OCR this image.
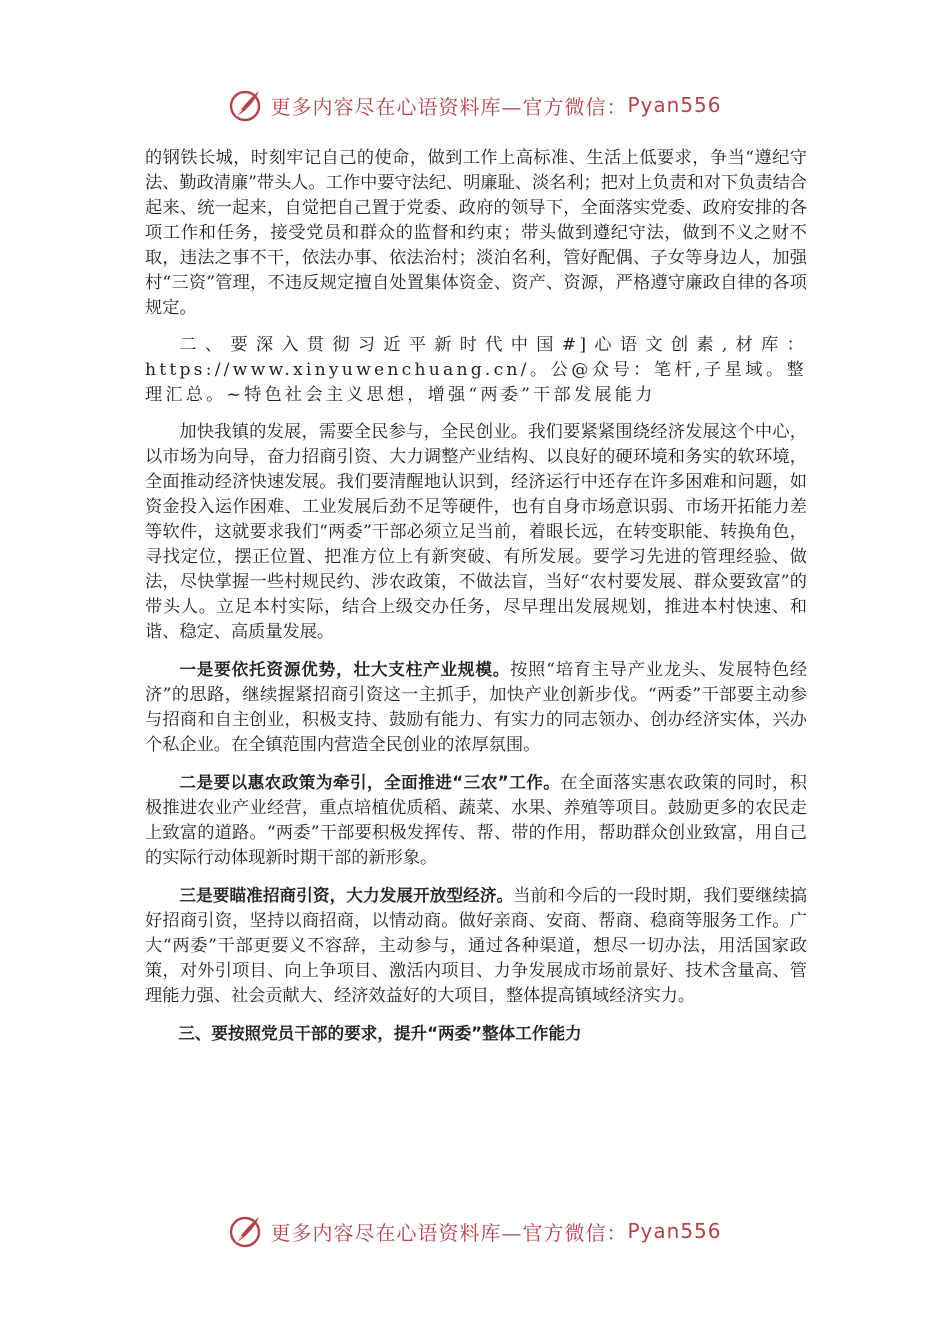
更多内容尽在心语资料库—官方微信： Pyan556

的钢铁长城，时刻牢记自己的使命，做到工作上高标准、生活上低要求，争当“遵纪守法、勤政清廉”带头人。工作中要守法纪、明廉耻、淡名利；把对上负责和对下负责结合起来、统一起来，自觉把自己置于党委、政府的领导下，全面落实党委、政府安排的各项工作和任务，接受党员和群众的监督和约束；带头做到遵纪守法，做到不义之财不取，违法之事不干，依法办事、依法治村；淡泊名利，管好配偶、子女等身边人，加强村“三资”管理，不违反规定擅自处置集体资金、资产、资源，严格遵守廉政自律的各项规定。

二、要深入贯彻习近平新时代中国#]心语文创素,材库：https://www.xinyuwenchuang.cn/。公@众号：笔杆,子星域。整理汇总。~特色社会主义思想，增强“两委”干部发展能力

加快我镇的发展，需要全民参与，全民创业。我们要紧紧围绕经济发展这个中心，以市场为向导，奋力招商引资、大力调整产业结构、以良好的硬环境和务实的软环境，全面推动经济快速发展。我们要清醒地认识到，经济运行中还存在许多困难和问题，如资金投入运作困难、工业发展后劲不足等硬件，也有自身市场意识弱、市场开拓能力差等软件，这就要求我们“两委”干部必须立足当前，着眼长远，在转变职能、转换角色，寻找定位，摆正位置、把准方位上有新突破、有所发展。要学习先进的管理经验、做法，尽快掌握一些村规民约、涉农政策，不做法盲，当好“农村要发展、群众要致富”的带头人。立足本村实际，结合上级交办任务，尽早理出发展规划，推进本村快速、和谐、稳定、高质量发展。

一是要依托资源优势，壮大支柱产业规模。按照“培育主导产业龙头、发展特色经济”的思路，继续握紧招商引资这一主抓手，加快产业创新步伐。“两委”干部要主动参与招商和自主创业，积极支持、鼓励有能力、有实力的同志领办、创办经济实体，兴办个私企业。在全镇范围内营造全民创业的浓厚氛围。

二是要以惠农政策为牵引，全面推进“三农”工作。在全面落实惠农政策的同时，积极推进农业产业经营，重点培植优质稻、蔬菜、水果、养殖等项目。鼓励更多的农民走上致富的道路。“两委”干部要积极发挥传、帮、带的作用，帮助群众创业致富，用自己的实际行动体现新时期干部的新形象。

三是要瞄准招商引资，大力发展开放型经济。当前和今后的一段时期，我们要继续搞好招商引资，坚持以商招商，以情动商。做好亲商、安商、帮商、稳商等服务工作。广大“两委”干部更要义不容辞，主动参与，通过各种渠道，想尽一切办法，用活国家政策，对外引项目、向上争项目、激活内项目、力争发展成市场前景好、技术含量高、管理能力强、社会贡献大、经济效益好的大项目，整体提高镇域经济实力。

三、要按照党员干部的要求，提升“两委”整体工作能力

更多内容尽在心语资料库—官方微信： Pyan556
